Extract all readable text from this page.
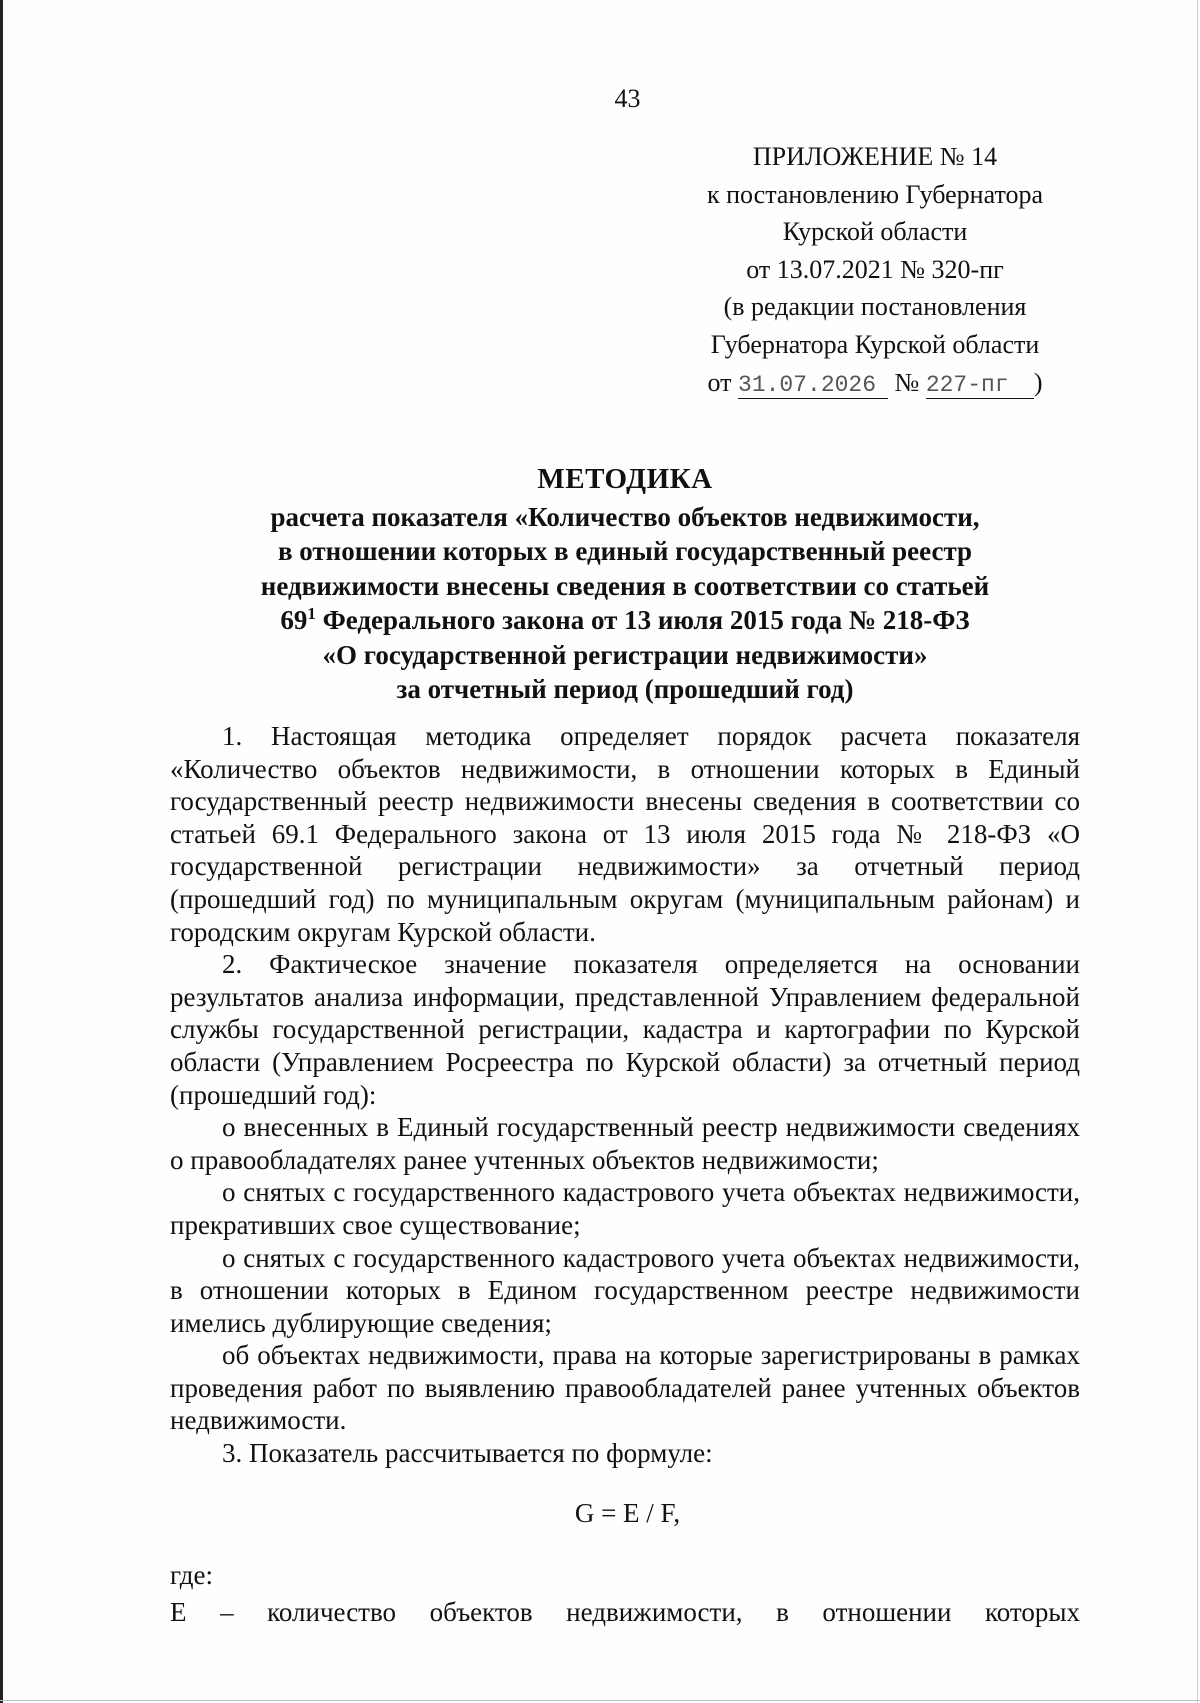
43
ПРИЛОЖЕНИЕ № 14
к постановлению Губернатора
Курской области
от 13.07.2021 № 320-пг
(в редакции постановления
Губернатора Курской области
от 31.07.2026 № 227-пг )
МЕТОДИКА
расчета показателя «Количество объектов недвижимости,
в отношении которых в единый государственный реестр
недвижимости внесены сведения в соответствии со статьей
$69^1$ Федерального закона от 13 июля 2015 года № 218-ФЗ
«О государственной регистрации недвижимости»
за отчетный период (прошедший год)

1. Настоящая методика определяет порядок расчета показателя «Количество объектов недвижимости, в отношении которых в Единый государственный реестр недвижимости внесены сведения в соответствии со статьей 69.1 Федерального закона от 13 июля 2015 года № 218-ФЗ «О государственной регистрации недвижимости» за отчетный период (прошедший год) по муниципальным округам (муниципальным районам) и городским округам Курской области.

2. Фактическое значение показателя определяется на основании результатов анализа информации, представленной Управлением федеральной службы государственной регистрации, кадастра и картографии по Курской области (Управлением Росреестра по Курской области) за отчетный период (прошедший год):

о внесенных в Единый государственный реестр недвижимости сведениях о правообладателях ранее учтенных объектов недвижимости;

о снятых с государственного кадастрового учета объектах недвижимости, прекративших свое существование;

о снятых с государственного кадастрового учета объектах недвижимости, в отношении которых в Едином государственном реестре недвижимости имелись дублирующие сведения;

об объектах недвижимости, права на которые зарегистрированы в рамках проведения работ по выявлению правообладателей ранее учтенных объектов недвижимости.

3. Показатель рассчитывается по формуле:

G = E / F,
где:
E – количество объектов недвижимости, в отношении которых
